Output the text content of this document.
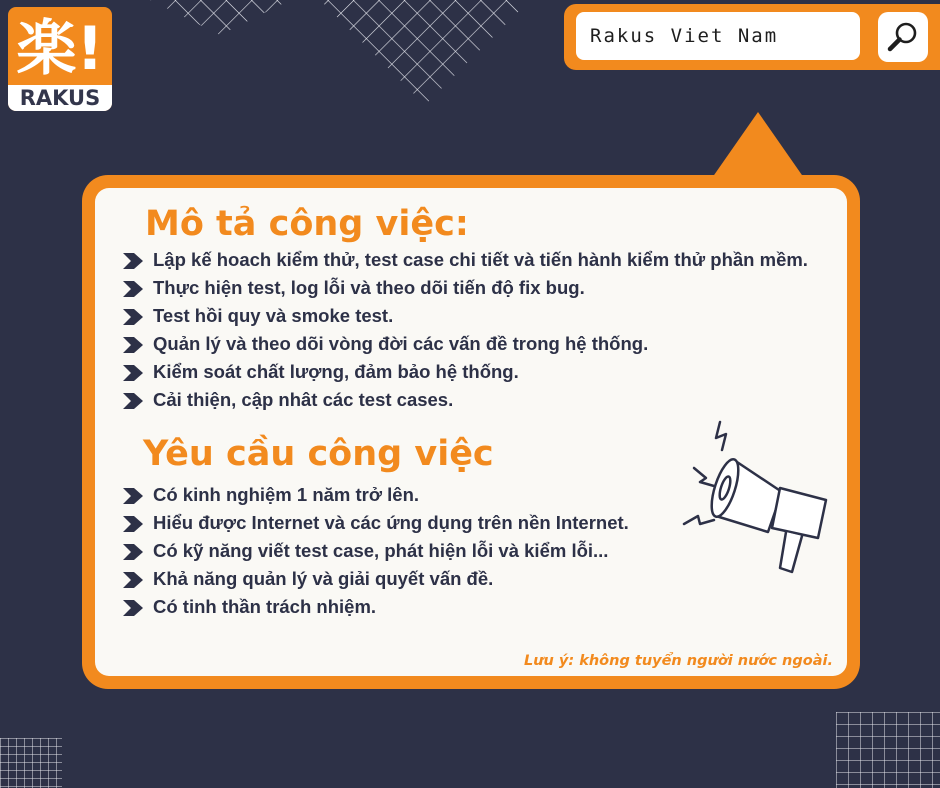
楽!
RAKUS
Rakus Viet Nam
Mô tả công việc:
Lập kế hoach kiểm thử, test case chi tiết và tiến hành kiểm thử phần mềm.
Thực hiện test, log lỗi và theo dõi tiến độ fix bug.
Test hồi quy và smoke test.
Quản lý và theo dõi vòng đời các vấn đề trong hệ thống.
Kiểm soát chất lượng, đảm bảo hệ thống.
Cải thiện, cập nhât các test cases.
Yêu cầu công việc
Có kinh nghiệm 1 năm trở lên.
Hiểu được Internet và các ứng dụng trên nền Internet.
Có kỹ năng viết test case, phát hiện lỗi và kiểm lỗi...
Khả năng quản lý và giải quyết vấn đề.
Có tinh thần trách nhiệm.

Lưu ý: không tuyển người nước ngoài.
